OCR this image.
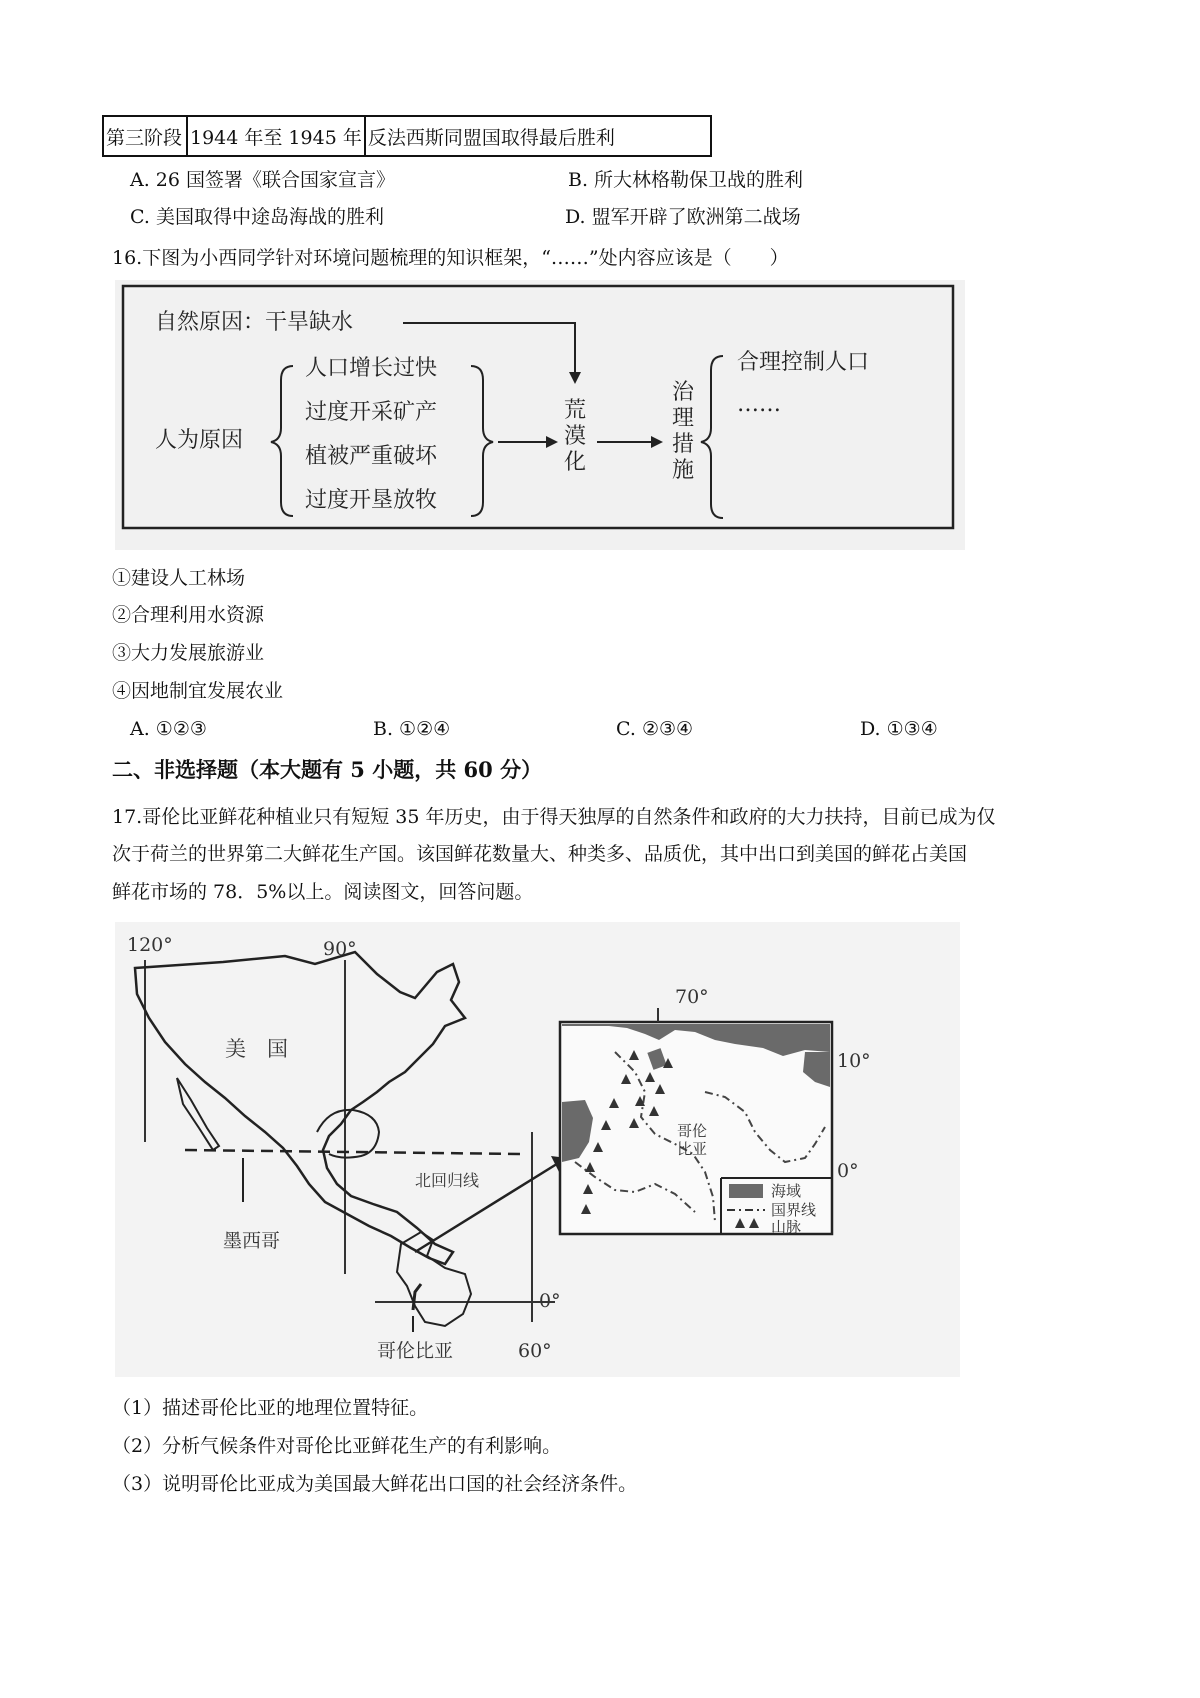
第三阶段	1944 年至 1945 年	反法西斯同盟国取得最后胜利
A. 26 国签署《联合国家宣言》	B. 所大林格勒保卫战的胜利
C. 美国取得中途岛海战的胜利	D. 盟军开辟了欧洲第二战场
16.下图为小西同学针对环境问题梳理的知识框架，“……”处内容应该是（　　）
自然原因：干旱缺水
人为原因
人口增长过快
过度开采矿产
植被严重破坏
过度开垦放牧
荒漠化
治理措施
合理控制人口
……
①建设人工林场
②合理利用水资源
③大力发展旅游业
④因地制宜发展农业
A. ①②③	B. ①②④	C. ②③④	D. ①③④
二、非选择题（本大题有 5 小题，共 60 分）
17.哥伦比亚鲜花种植业只有短短 35 年历史，由于得天独厚的自然条件和政府的大力扶持，目前已成为仅
次于荷兰的世界第二大鲜花生产国。该国鲜花数量大、种类多、品质优，其中出口到美国的鲜花占美国
鲜花市场的 78．5%以上。阅读图文，回答问题。
120°	90°
60°
0°
美　国
北回归线
墨西哥
哥伦比亚
70°
10°
0°
哥伦比亚
海域
国界线
山脉
（1）描述哥伦比亚的地理位置特征。
（2）分析气候条件对哥伦比亚鲜花生产的有利影响。
（3）说明哥伦比亚成为美国最大鲜花出口国的社会经济条件。
